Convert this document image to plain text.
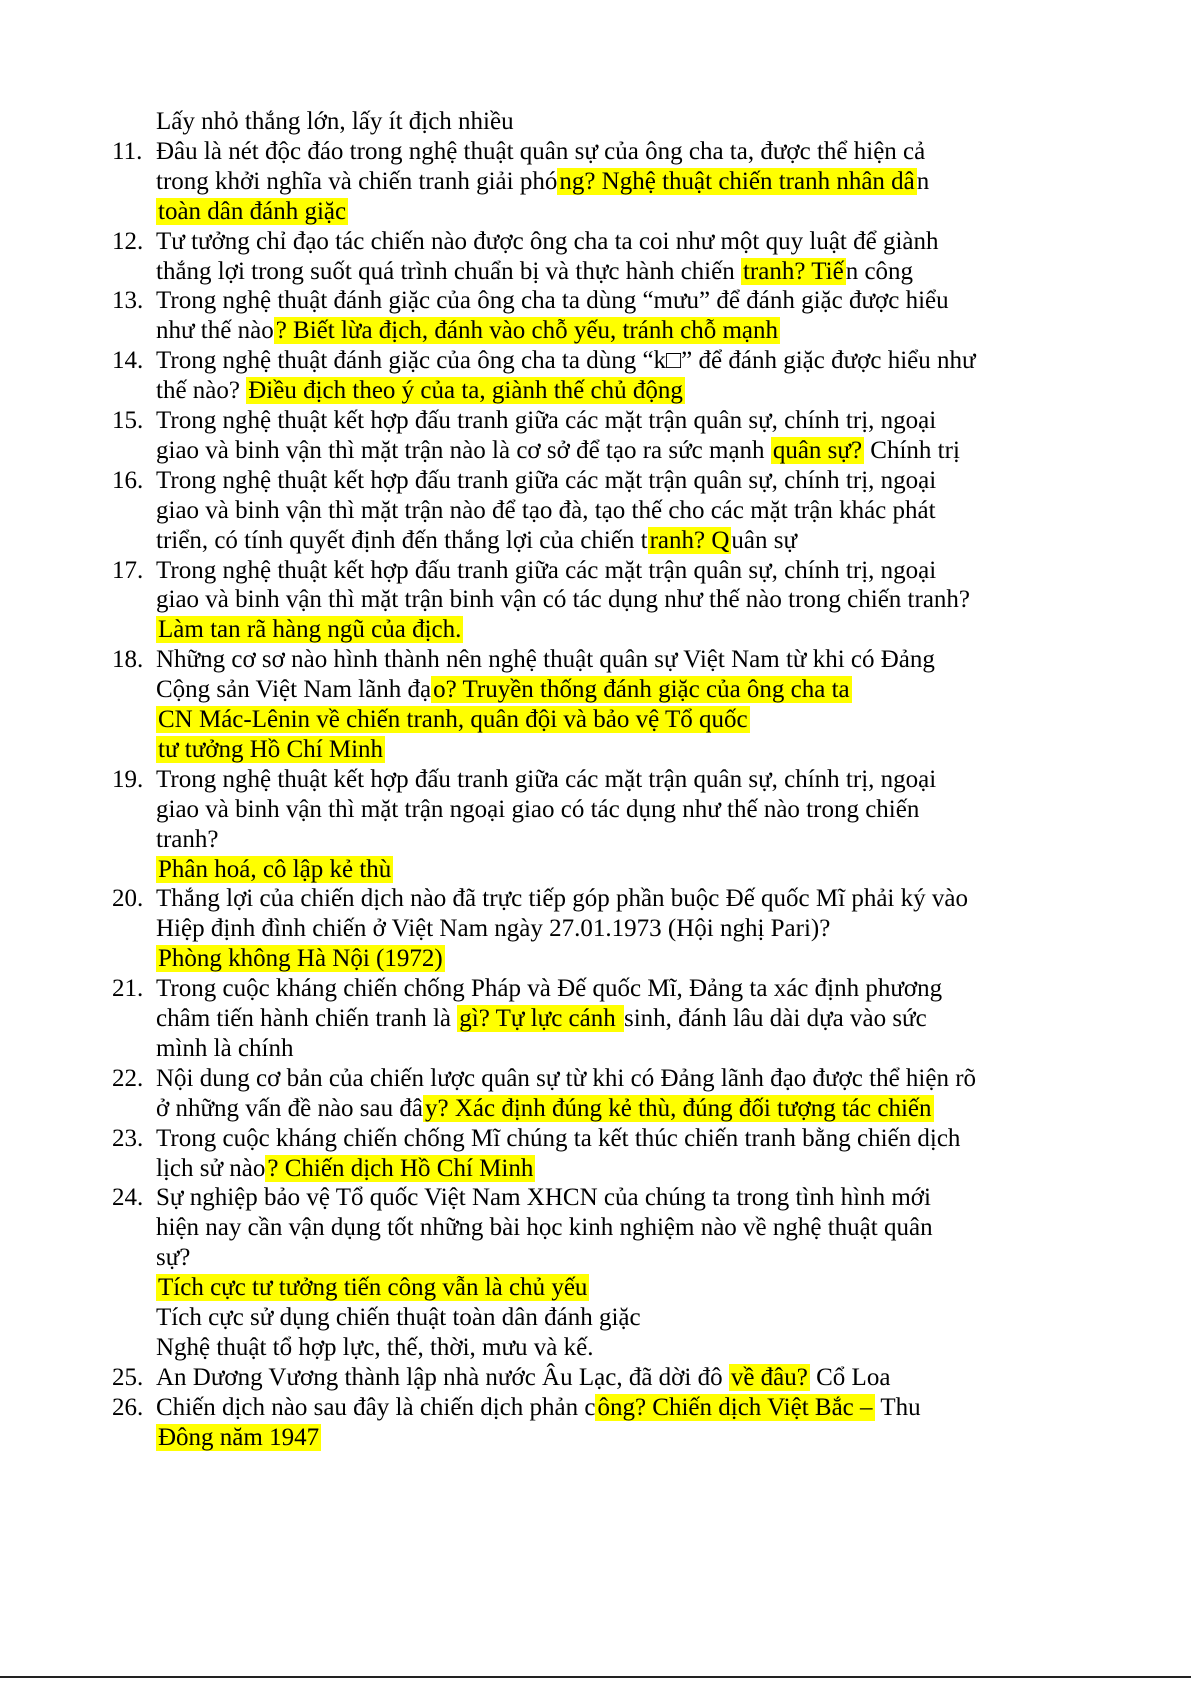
Lấy nhỏ thắng lớn, lấy ít địch nhiều
11. Đâu là nét độc đáo trong nghệ thuật quân sự của ông cha ta, được thể hiện cả
trong khởi nghĩa và chiến tranh giải phóng? Nghệ thuật chiến tranh nhân dân
toàn dân đánh giặc
12. Tư tưởng chỉ đạo tác chiến nào được ông cha ta coi như một quy luật để giành
thắng lợi trong suốt quá trình chuẩn bị và thực hành chiến tranh? Tiến công
13. Trong nghệ thuật đánh giặc của ông cha ta dùng “mưu” để đánh giặc được hiểu
như thế nào? Biết lừa địch, đánh vào chỗ yếu, tránh chỗ mạnh
14. Trong nghệ thuật đánh giặc của ông cha ta dùng “k□” để đánh giặc được hiểu như
thế nào? Điều địch theo ý của ta, giành thế chủ động
15. Trong nghệ thuật kết hợp đấu tranh giữa các mặt trận quân sự, chính trị, ngoại
giao và binh vận thì mặt trận nào là cơ sở để tạo ra sức mạnh quân sự? Chính trị
16. Trong nghệ thuật kết hợp đấu tranh giữa các mặt trận quân sự, chính trị, ngoại
giao và binh vận thì mặt trận nào để tạo đà, tạo thế cho các mặt trận khác phát
triển, có tính quyết định đến thắng lợi của chiến tranh? Quân sự
17. Trong nghệ thuật kết hợp đấu tranh giữa các mặt trận quân sự, chính trị, ngoại
giao và binh vận thì mặt trận binh vận có tác dụng như thế nào trong chiến tranh?
Làm tan rã hàng ngũ của địch.
18. Những cơ sơ nào hình thành nên nghệ thuật quân sự Việt Nam từ khi có Đảng
Cộng sản Việt Nam lãnh đạo? Truyền thống đánh giặc của ông cha ta
CN Mác-Lênin về chiến tranh, quân đội và bảo vệ Tổ quốc
tư tưởng Hồ Chí Minh
19. Trong nghệ thuật kết hợp đấu tranh giữa các mặt trận quân sự, chính trị, ngoại
giao và binh vận thì mặt trận ngoại giao có tác dụng như thế nào trong chiến
tranh?
Phân hoá, cô lập kẻ thù
20. Thắng lợi của chiến dịch nào đã trực tiếp góp phần buộc Đế quốc Mĩ phải ký vào
Hiệp định đình chiến ở Việt Nam ngày 27.01.1973 (Hội nghị Pari)?
Phòng không Hà Nội (1972)
21. Trong cuộc kháng chiến chống Pháp và Đế quốc Mĩ, Đảng ta xác định phương
châm tiến hành chiến tranh là gì? Tự lực cánh sinh, đánh lâu dài dựa vào sức
mình là chính
22. Nội dung cơ bản của chiến lược quân sự từ khi có Đảng lãnh đạo được thể hiện rõ
ở những vấn đề nào sau đây? Xác định đúng kẻ thù, đúng đối tượng tác chiến
23. Trong cuộc kháng chiến chống Mĩ chúng ta kết thúc chiến tranh bằng chiến dịch
lịch sử nào? Chiến dịch Hồ Chí Minh
24. Sự nghiệp bảo vệ Tổ quốc Việt Nam XHCN của chúng ta trong tình hình mới
hiện nay cần vận dụng tốt những bài học kinh nghiệm nào về nghệ thuật quân
sự?
Tích cực tư tưởng tiến công vẫn là chủ yếu
Tích cực sử dụng chiến thuật toàn dân đánh giặc
Nghệ thuật tổ hợp lực, thế, thời, mưu và kế.
25. An Dương Vương thành lập nhà nước Âu Lạc, đã dời đô về đâu? Cổ Loa
26. Chiến dịch nào sau đây là chiến dịch phản công? Chiến dịch Việt Bắc – Thu
Đông năm 1947
